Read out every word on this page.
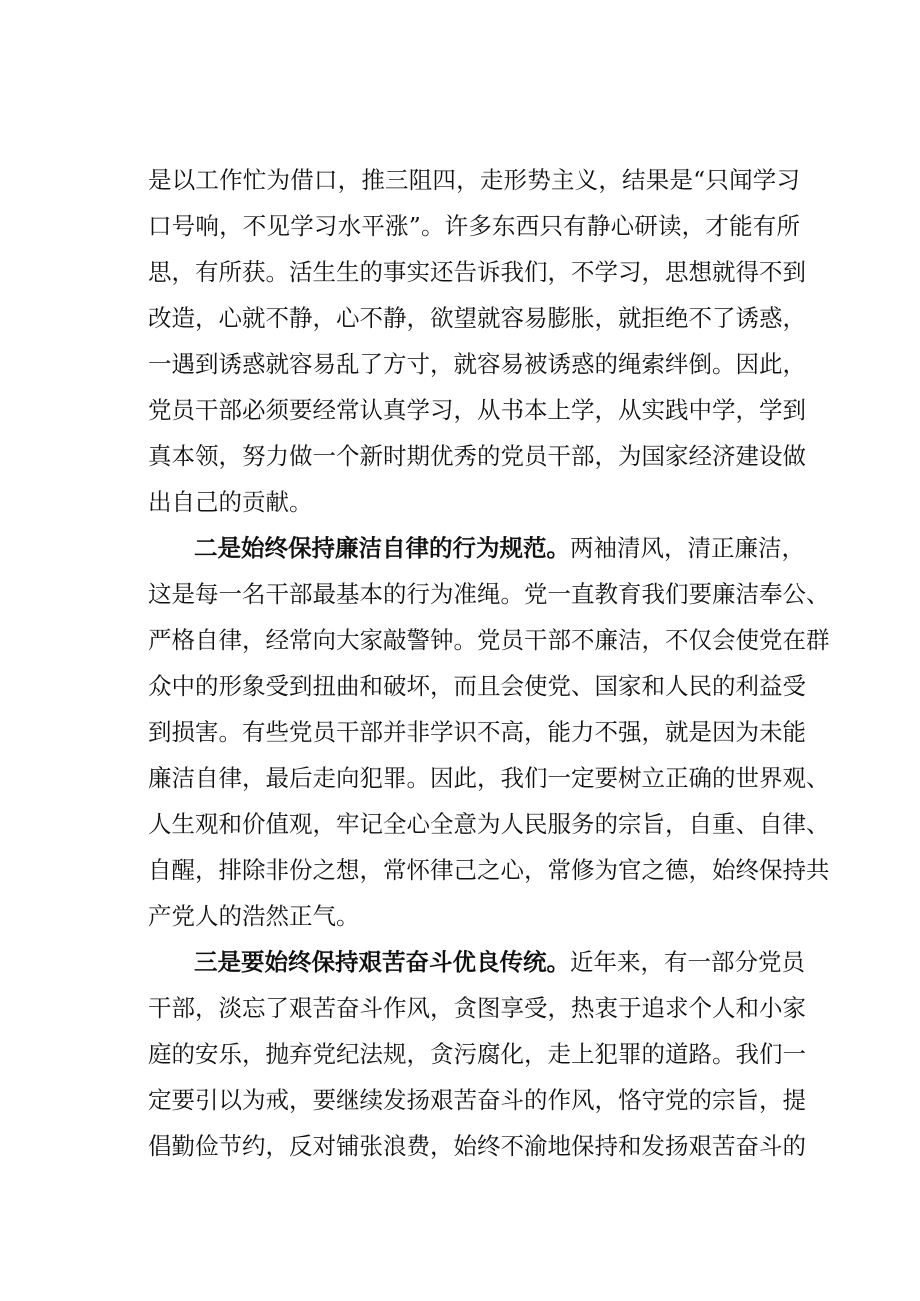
是以工作忙为借口，推三阻四，走形势主义，结果是“只闻学习
口号响，不见学习水平涨”。许多东西只有静心研读，才能有所
思，有所获。活生生的事实还告诉我们，不学习，思想就得不到
改造，心就不静，心不静，欲望就容易膨胀，就拒绝不了诱惑，
一遇到诱惑就容易乱了方寸，就容易被诱惑的绳索绊倒。因此，
党员干部必须要经常认真学习，从书本上学，从实践中学，学到
真本领，努力做一个新时期优秀的党员干部，为国家经济建设做
出自己的贡献。
二是始终保持廉洁自律的行为规范。两袖清风，清正廉洁，
这是每一名干部最基本的行为准绳。党一直教育我们要廉洁奉公、
严格自律，经常向大家敲警钟。党员干部不廉洁，不仅会使党在群
众中的形象受到扭曲和破坏，而且会使党、国家和人民的利益受
到损害。有些党员干部并非学识不高，能力不强，就是因为未能
廉洁自律，最后走向犯罪。因此，我们一定要树立正确的世界观、
人生观和价值观，牢记全心全意为人民服务的宗旨，自重、自律、
自醒，排除非份之想，常怀律己之心，常修为官之德，始终保持共
产党人的浩然正气。
三是要始终保持艰苦奋斗优良传统。近年来，有一部分党员
干部，淡忘了艰苦奋斗作风，贪图享受，热衷于追求个人和小家
庭的安乐，抛弃党纪法规，贪污腐化，走上犯罪的道路。我们一
定要引以为戒，要继续发扬艰苦奋斗的作风，恪守党的宗旨，提
倡勤俭节约，反对铺张浪费，始终不渝地保持和发扬艰苦奋斗的
